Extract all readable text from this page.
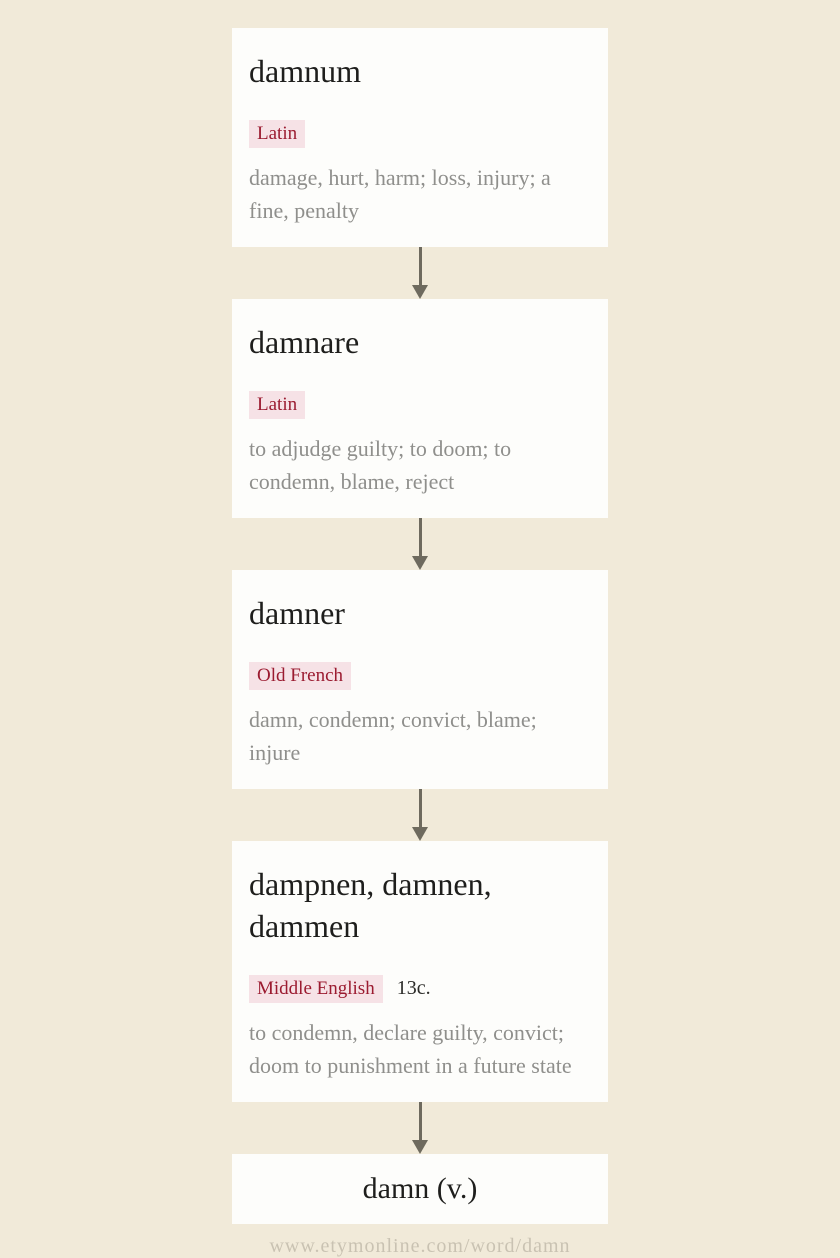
damnum
Latin

damage, hurt, harm; loss, injury; a fine, penalty

damnare
Latin

to adjudge guilty; to doom; to condemn, blame, reject

damner
Old French

damn, condemn; convict, blame; injure

dampnen, damnen, dammen
Middle English	13c.

to condemn, declare guilty, convict; doom to punishment in a future state

damn (v.)
www.etymonline.com/word/damn
